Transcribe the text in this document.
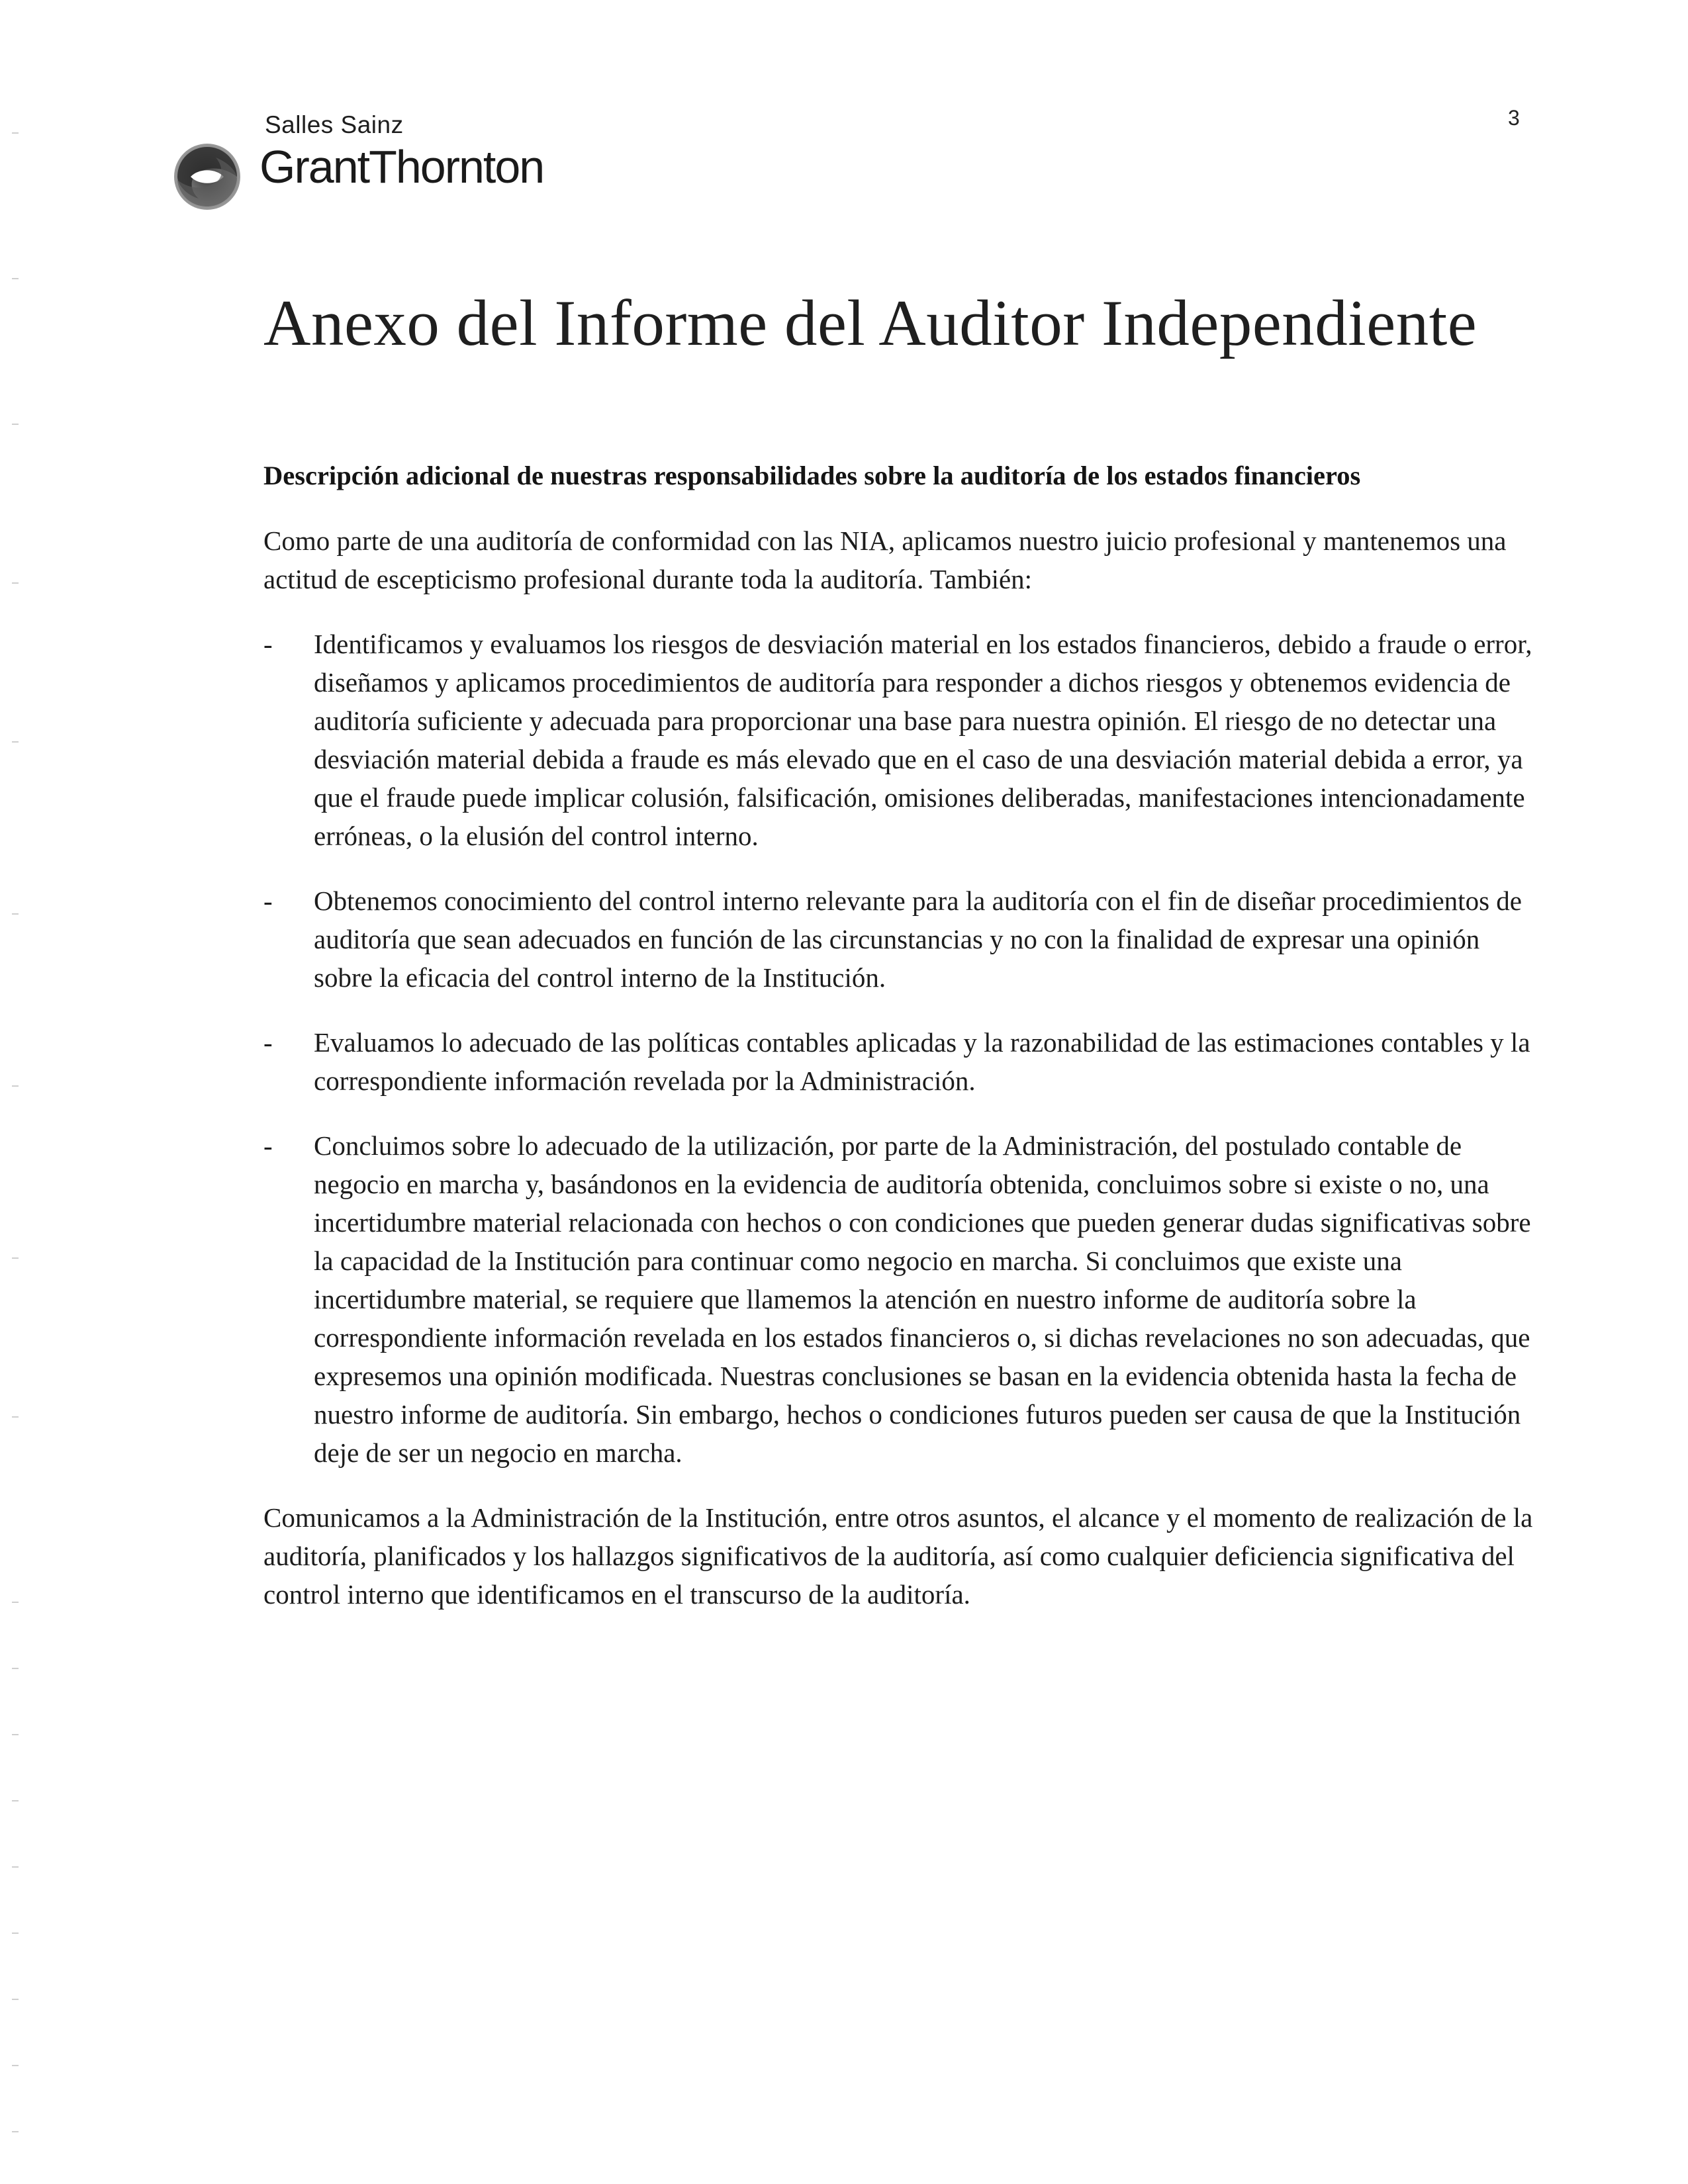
Salles Sainz
GrantThornton
3
Anexo del Informe del Auditor Independiente

Descripción adicional de nuestras responsabilidades sobre la auditoría de los estados financieros

Como parte de una auditoría de conformidad con las NIA, aplicamos nuestro juicio profesional y mantenemos una actitud de escepticismo profesional durante toda la auditoría. También:

- Identificamos y evaluamos los riesgos de desviación material en los estados financieros, debido a fraude o error, diseñamos y aplicamos procedimientos de auditoría para responder a dichos riesgos y obtenemos evidencia de auditoría suficiente y adecuada para proporcionar una base para nuestra opinión. El riesgo de no detectar una desviación material debida a fraude es más elevado que en el caso de una desviación material debida a error, ya que el fraude puede implicar colusión, falsificación, omisiones deliberadas, manifestaciones intencionadamente erróneas, o la elusión del control interno.
- Obtenemos conocimiento del control interno relevante para la auditoría con el fin de diseñar procedimientos de auditoría que sean adecuados en función de las circunstancias y no con la finalidad de expresar una opinión sobre la eficacia del control interno de la Institución.
- Evaluamos lo adecuado de las políticas contables aplicadas y la razonabilidad de las estimaciones contables y la correspondiente información revelada por la Administración.
- Concluimos sobre lo adecuado de la utilización, por parte de la Administración, del postulado contable de negocio en marcha y, basándonos en la evidencia de auditoría obtenida, concluimos sobre si existe o no, una incertidumbre material relacionada con hechos o con condiciones que pueden generar dudas significativas sobre la capacidad de la Institución para continuar como negocio en marcha. Si concluimos que existe una incertidumbre material, se requiere que llamemos la atención en nuestro informe de auditoría sobre la correspondiente información revelada en los estados financieros o, si dichas revelaciones no son adecuadas, que expresemos una opinión modificada. Nuestras conclusiones se basan en la evidencia obtenida hasta la fecha de nuestro informe de auditoría. Sin embargo, hechos o condiciones futuros pueden ser causa de que la Institución deje de ser un negocio en marcha.

Comunicamos a la Administración de la Institución, entre otros asuntos, el alcance y el momento de realización de la auditoría, planificados y los hallazgos significativos de la auditoría, así como cualquier deficiencia significativa del control interno que identificamos en el transcurso de la auditoría.
